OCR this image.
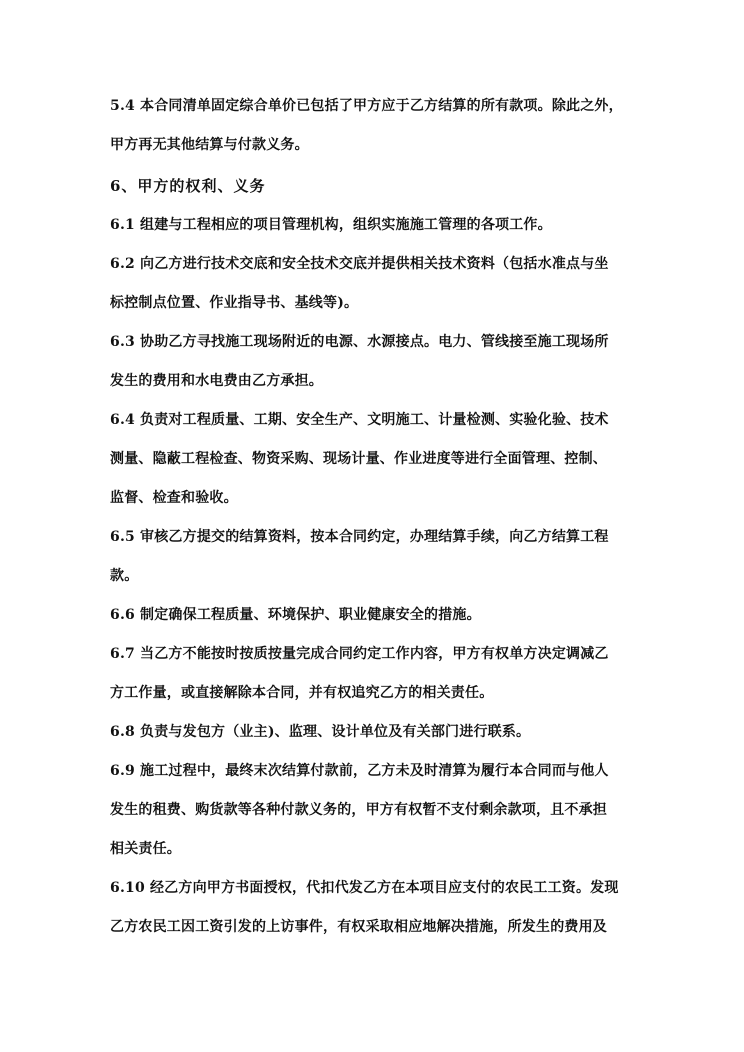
5.4 本合同清单固定综合单价已包括了甲方应于乙方结算的所有款项。除此之外，
甲方再无其他结算与付款义务。
6、甲方的权利、义务
6.1 组建与工程相应的项目管理机构，组织实施施工管理的各项工作。
6.2 向乙方进行技术交底和安全技术交底并提供相关技术资料（包括水准点与坐
标控制点位置、作业指导书、基线等)。
6.3 协助乙方寻找施工现场附近的电源、水源接点。电力、管线接至施工现场所
发生的费用和水电费由乙方承担。
6.4 负责对工程质量、工期、安全生产、文明施工、计量检测、实验化验、技术
测量、隐蔽工程检查、物资采购、现场计量、作业进度等进行全面管理、控制、
监督、检查和验收。
6.5 审核乙方提交的结算资料，按本合同约定，办理结算手续，向乙方结算工程
款。
6.6 制定确保工程质量、环境保护、职业健康安全的措施。
6.7 当乙方不能按时按质按量完成合同约定工作内容，甲方有权单方决定调减乙
方工作量，或直接解除本合同，并有权追究乙方的相关责任。
6.8 负责与发包方（业主)、监理、设计单位及有关部门进行联系。
6.9 施工过程中，最终末次结算付款前，乙方未及时清算为履行本合同而与他人
发生的租费、购货款等各种付款义务的，甲方有权暂不支付剩余款项，且不承担
相关责任。
6.10 经乙方向甲方书面授权，代扣代发乙方在本项目应支付的农民工工资。发现
乙方农民工因工资引发的上访事件，有权采取相应地解决措施，所发生的费用及
